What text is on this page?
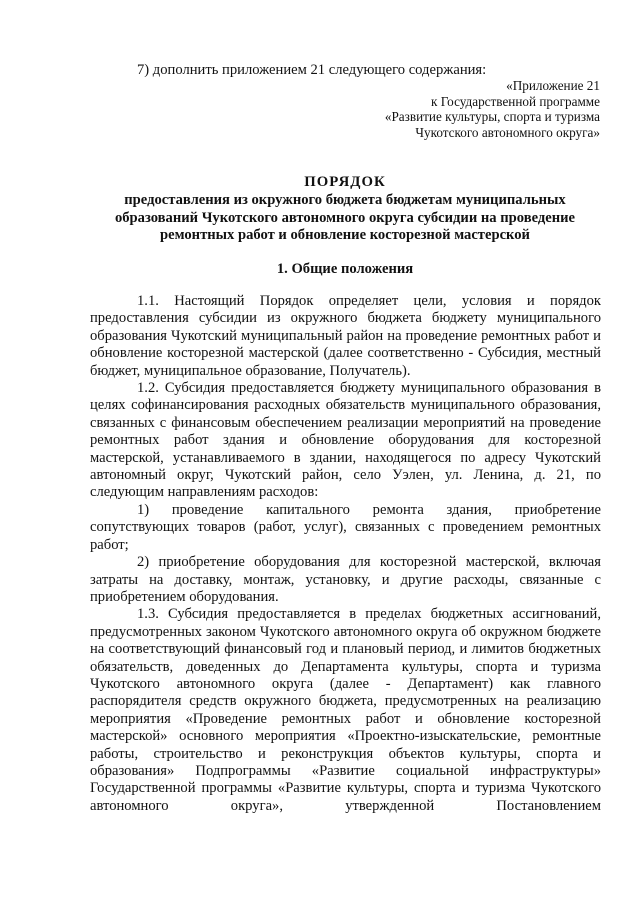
7) дополнить приложением 21 следующего содержания:

«Приложение 21
к Государственной программе
«Развитие культуры, спорта и туризма
Чукотского автономного округа»
ПОРЯДОК
предоставления из окружного бюджета бюджетам муниципальных
образований Чукотского автономного округа субсидии на проведение
ремонтных работ и обновление косторезной мастерской
1. Общие положения

1.1. Настоящий Порядок определяет цели, условия и порядок предоставления субсидии из окружного бюджета бюджету муниципального образования Чукотский муниципальный район на проведение ремонтных работ и обновление косторезной мастерской (далее соответственно - Субсидия, местный бюджет, муниципальное образование, Получатель).

1.2. Субсидия предоставляется бюджету муниципального образования в целях софинансирования расходных обязательств муниципального образования, связанных с финансовым обеспечением реализации мероприятий на проведение ремонтных работ здания и обновление оборудования для косторезной мастерской, устанавливаемого в здании, находящегося по адресу Чукотский автономный округ, Чукотский район, село Уэлен, ул. Ленина, д. 21, по следующим направлениям расходов:

1) проведение капитального ремонта здания, приобретение сопутствующих товаров (работ, услуг), связанных с проведением ремонтных работ;

2) приобретение оборудования для косторезной мастерской, включая затраты на доставку, монтаж, установку, и другие расходы, связанные с приобретением оборудования.

1.3. Субсидия предоставляется в пределах бюджетных ассигнований, предусмотренных законом Чукотского автономного округа об окружном бюджете на соответствующий финансовый год и плановый период, и лимитов бюджетных обязательств, доведенных до Департамента культуры, спорта и туризма Чукотского автономного округа (далее - Департамент) как главного распорядителя средств окружного бюджета, предусмотренных на реализацию мероприятия «Проведение ремонтных работ и обновление косторезной мастерской» основного мероприятия «Проектно-изыскательские, ремонтные работы, строительство и реконструкция объектов культуры, спорта и образования» Подпрограммы «Развитие социальной инфраструктуры» Государственной программы «Развитие культуры, спорта и туризма Чукотского автономного округа», утвержденной Постановлением
